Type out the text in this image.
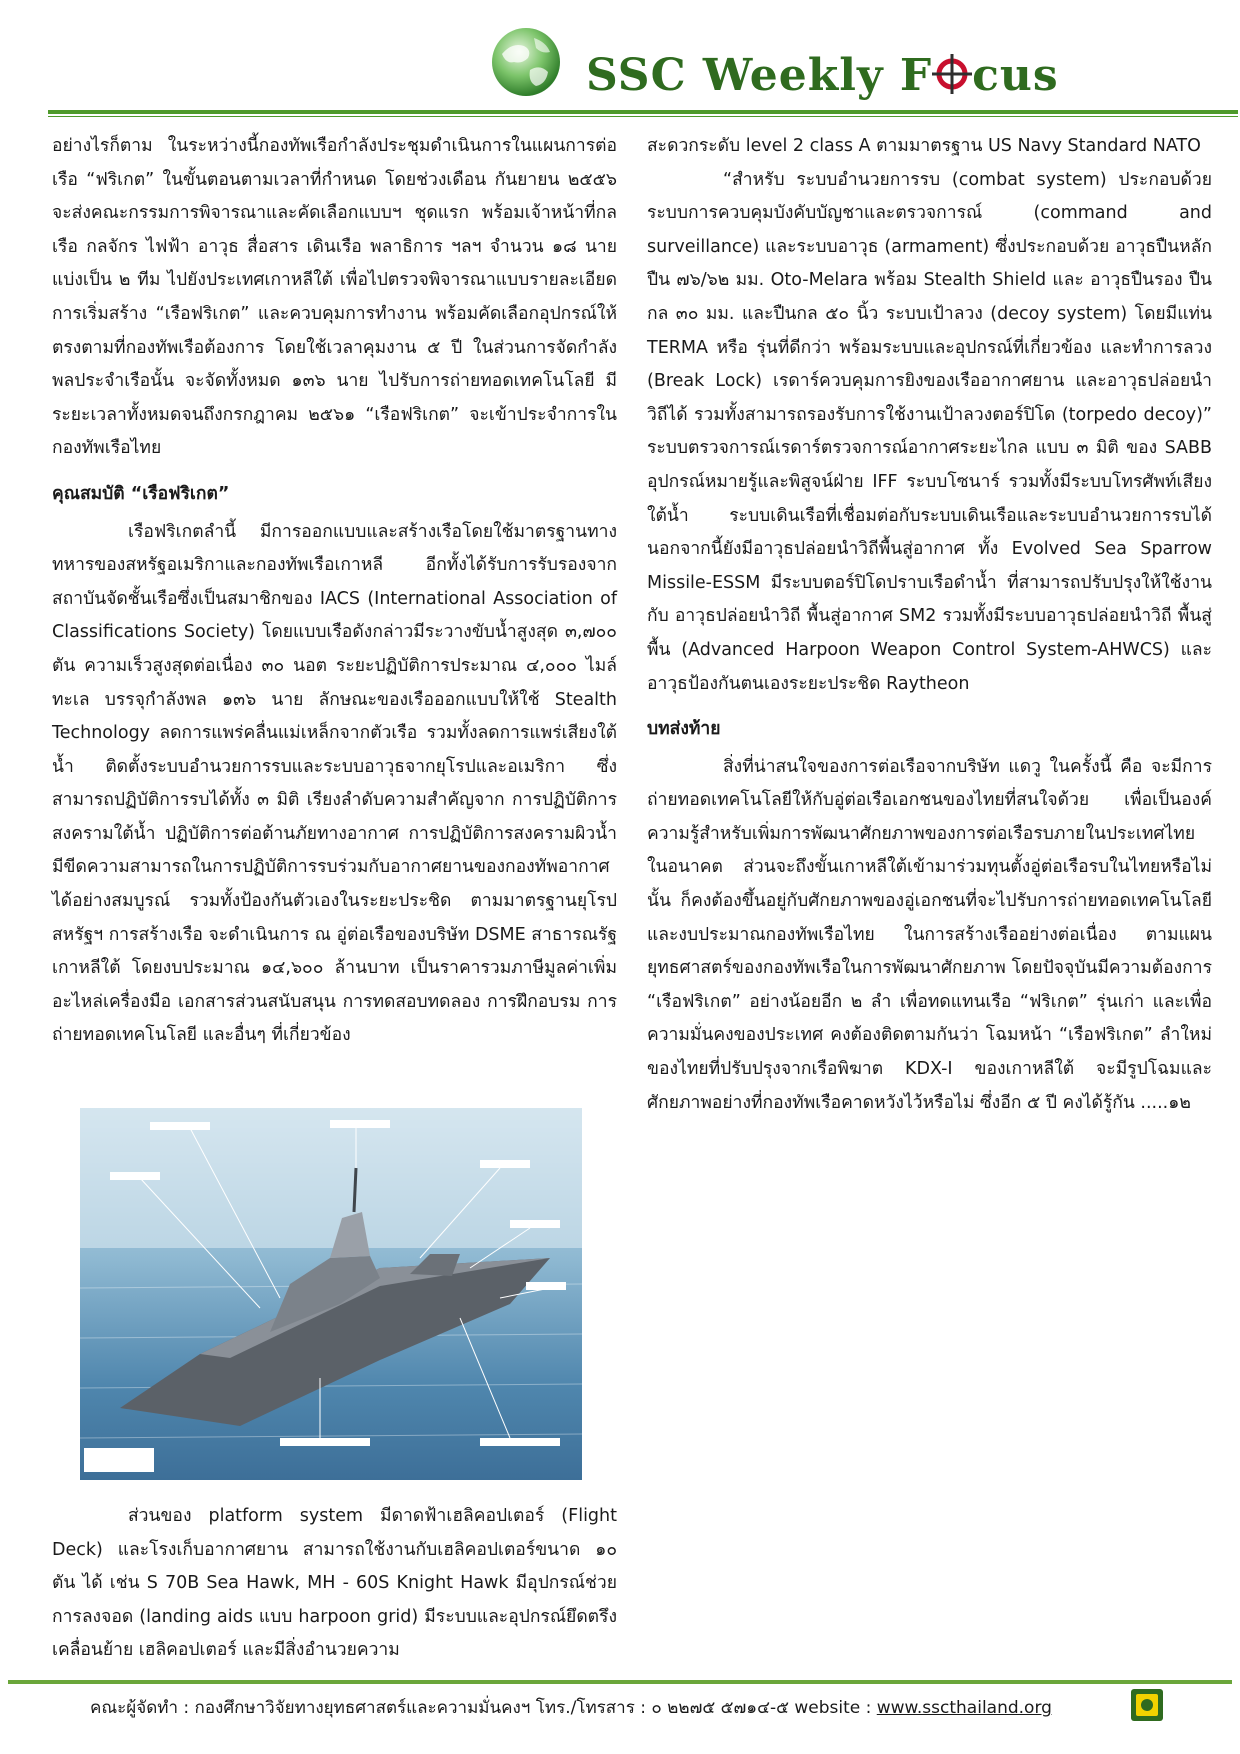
SSC Weekly F cus

อย่างไรก็ตาม ในระหว่างนี้กองทัพเรือกำลังประชุมดำเนินการในแผนการต่อเรือ “ฟริเกต” ในขั้นตอนตามเวลาที่กำหนด โดยช่วงเดือน กันยายน ๒๕๕๖ จะส่งคณะกรรมการพิจารณาและคัดเลือกแบบฯ ชุดแรก พร้อมเจ้าหน้าที่กลเรือ กลจักร ไฟฟ้า อาวุธ สื่อสาร เดินเรือ พลาธิการ ฯลฯ จำนวน ๑๘ นาย แบ่งเป็น ๒ ทีม ไปยังประเทศเกาหลีใต้ เพื่อไปตรวจพิจารณาแบบรายละเอียดการเริ่มสร้าง “เรือฟริเกต” และควบคุมการทำงาน พร้อมคัดเลือกอุปกรณ์ให้ตรงตามที่กองทัพเรือต้องการ โดยใช้เวลาคุมงาน ๕ ปี ในส่วนการจัดกำลังพลประจำเรือนั้น จะจัดทั้งหมด ๑๓๖ นาย ไปรับการถ่ายทอดเทคโนโลยี มีระยะเวลาทั้งหมดจนถึงกรกฎาคม ๒๕๖๑ “เรือฟริเกต” จะเข้าประจำการในกองทัพเรือไทย

คุณสมบัติ “เรือฟริเกต”

เรือฟริเกตลำนี้ มีการออกแบบและสร้างเรือโดยใช้มาตรฐานทางทหารของสหรัฐอเมริกาและกองทัพเรือเกาหลี อีกทั้งได้รับการรับรองจากสถาบันจัดชั้นเรือซึ่งเป็นสมาชิกของ IACS (International Association of Classifications Society) โดยแบบเรือดังกล่าวมีระวางขับน้ำสูงสุด ๓,๗๐๐ ตัน ความเร็วสูงสุดต่อเนื่อง ๓๐ นอต ระยะปฏิบัติการประมาณ ๔,๐๐๐ ไมล์ทะเล บรรจุกำลังพล ๑๓๖ นาย ลักษณะของเรือออกแบบให้ใช้ Stealth Technology ลดการแพร่คลื่นแม่เหล็กจากตัวเรือ รวมทั้งลดการแพร่เสียงใต้น้ำ ติดตั้งระบบอำนวยการรบและระบบอาวุธจากยุโรปและอเมริกา ซึ่งสามารถปฏิบัติการรบได้ทั้ง ๓ มิติ เรียงลำดับความสำคัญจาก การปฏิบัติการสงครามใต้น้ำ ปฏิบัติการต่อต้านภัยทางอากาศ การปฏิบัติการสงครามผิวน้ำ มีขีดความสามารถในการปฏิบัติการรบร่วมกับอากาศยานของกองทัพอากาศได้อย่างสมบูรณ์ รวมทั้งป้องกันตัวเองในระยะประชิด ตามมาตรฐานยุโรป สหรัฐฯ การสร้างเรือ จะดำเนินการ ณ อู่ต่อเรือของบริษัท DSME สาธารณรัฐเกาหลีใต้ โดยงบประมาณ ๑๔,๖๐๐ ล้านบาท เป็นราคารวมภาษีมูลค่าเพิ่ม อะไหล่เครื่องมือ เอกสารส่วนสนับสนุน การทดสอบทดลอง การฝึกอบรม การถ่ายทอดเทคโนโลยี และอื่นๆ ที่เกี่ยวข้อง

ส่วนของ platform system มีดาดฟ้าเฮลิคอปเตอร์ (Flight Deck) และโรงเก็บอากาศยาน สามารถใช้งานกับเฮลิคอปเตอร์ขนาด ๑๐ ตัน ได้ เช่น S 70B Sea Hawk, MH - 60S Knight Hawk มีอุปกรณ์ช่วยการลงจอด (landing aids แบบ harpoon grid) มีระบบและอุปกรณ์ยึดตรึง เคลื่อนย้าย เฮลิคอปเตอร์ และมีสิ่งอำนวยความ

สะดวกระดับ level 2 class A ตามมาตรฐาน US Navy Standard NATO

“สำหรับ ระบบอำนวยการรบ (combat system) ประกอบด้วยระบบการควบคุมบังคับบัญชาและตรวจการณ์ (command and surveillance) และระบบอาวุธ (armament) ซึ่งประกอบด้วย อาวุธปืนหลัก ปืน ๗๖/๖๒ มม. Oto-Melara พร้อม Stealth Shield และ อาวุธปืนรอง ปืนกล ๓๐ มม. และปืนกล ๕๐ นิ้ว ระบบเป้าลวง (decoy system) โดยมีแท่น TERMA หรือ รุ่นที่ดีกว่า พร้อมระบบและอุปกรณ์ที่เกี่ยวข้อง และทำการลวง (Break Lock) เรดาร์ควบคุมการยิงของเรืออากาศยาน และอาวุธปล่อยนำวิถีได้ รวมทั้งสามารถรองรับการใช้งานเป้าลวงตอร์ปิโด (torpedo decoy)” ระบบตรวจการณ์เรดาร์ตรวจการณ์อากาศระยะไกล แบบ ๓ มิติ ของ SABB อุปกรณ์หมายรู้และพิสูจน์ฝ่าย IFF ระบบโซนาร์ รวมทั้งมีระบบโทรศัพท์เสียงใต้น้ำ ระบบเดินเรือที่เชื่อมต่อกับระบบเดินเรือและระบบอำนวยการรบได้ นอกจากนี้ยังมีอาวุธปล่อยนำวิถีพื้นสู่อากาศ ทั้ง Evolved Sea Sparrow Missile-ESSM มีระบบตอร์ปิโดปราบเรือดำน้ำ ที่สามารถปรับปรุงให้ใช้งานกับ อาวุธปล่อยนำวิถี พื้นสู่อากาศ SM2 รวมทั้งมีระบบอาวุธปล่อยนำวิถี พื้นสู่พื้น (Advanced Harpoon Weapon Control System-AHWCS) และอาวุธป้องกันตนเองระยะประชิด Raytheon

บทส่งท้าย

สิ่งที่น่าสนใจของการต่อเรือจากบริษัท แดวู ในครั้งนี้ คือ จะมีการถ่ายทอดเทคโนโลยีให้กับอู่ต่อเรือเอกชนของไทยที่สนใจด้วย เพื่อเป็นองค์ความรู้สำหรับเพิ่มการพัฒนาศักยภาพของการต่อเรือรบภายในประเทศไทยในอนาคต ส่วนจะถึงขั้นเกาหลีใต้เข้ามาร่วมทุนตั้งอู่ต่อเรือรบในไทยหรือไม่นั้น ก็คงต้องขึ้นอยู่กับศักยภาพของอู่เอกชนที่จะไปรับการถ่ายทอดเทคโนโลยี และงบประมาณกองทัพเรือไทย ในการสร้างเรืออย่างต่อเนื่อง ตามแผนยุทธศาสตร์ของกองทัพเรือในการพัฒนาศักยภาพ โดยปัจจุบันมีความต้องการ “เรือฟริเกต” อย่างน้อยอีก ๒ ลำ เพื่อทดแทนเรือ “ฟริเกต” รุ่นเก่า และเพื่อความมั่นคงของประเทศ คงต้องติดตามกันว่า โฉมหน้า “เรือฟริเกต” ลำใหม่ของไทยที่ปรับปรุงจากเรือพิฆาต KDX-I ของเกาหลีใต้ จะมีรูปโฉมและศักยภาพอย่างที่กองทัพเรือคาดหวังไว้หรือไม่ ซึ่งอีก ๕ ปี คงได้รู้กัน .....๑๒

คณะผู้จัดทำ : กองศึกษาวิจัยทางยุทธศาสตร์และความมั่นคงฯ โทร./โทรสาร : ๐ ๒๒๗๕ ๕๗๑๔-๕ website : www.sscthailand.org
